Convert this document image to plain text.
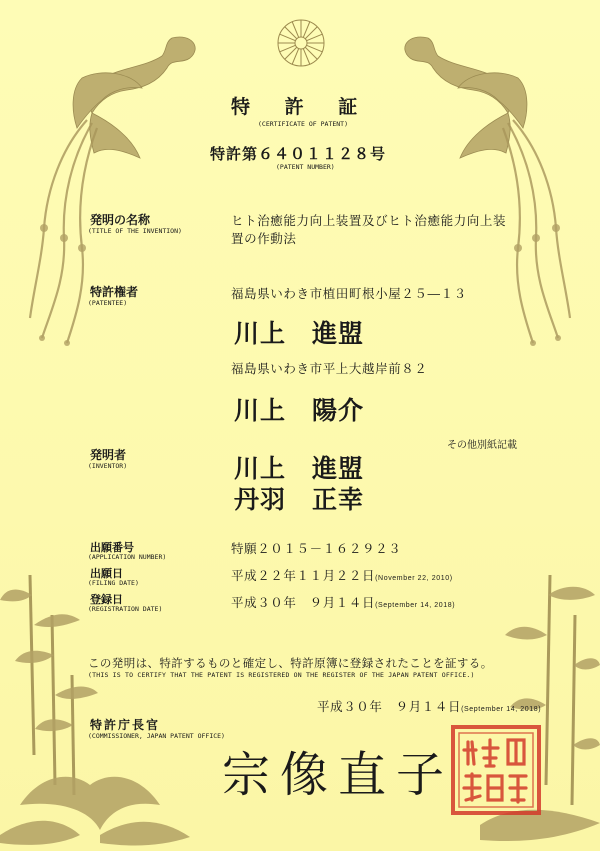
特 許 証
(CERTIFICATE OF PATENT)
特許第６４０１１２８号
(PATENT NUMBER)
発明の名称
(TITLE OF THE INVENTION)
ヒト治癒能力向上装置及びヒト治癒能力向上装
置の作動法
特許権者
(PATENTEE)
福島県いわき市植田町根小屋２５―１３
川上　進盟
福島県いわき市平上大越岸前８２
川上　陽介
その他別紙記載
発明者
(INVENTOR)	川上　進盟
丹羽　正幸
出願番号
(APPLICATION NUMBER)
特願２０１５－１６２９２３
出願日
(FILING DATE)	平成２２年１１月２２日(November 22, 2010)
登録日
(REGISTRATION DATE)	平成３０年　９月１４日(September 14, 2018)
この発明は、特許するものと確定し、特許原簿に登録されたことを証する。
(THIS IS TO CERTIFY THAT THE PATENT IS REGISTERED ON THE REGISTER OF THE JAPAN PATENT OFFICE.)
平成３０年　９月１４日(September 14, 2018)
特許庁長官
(COMMISSIONER, JAPAN PATENT OFFICE)
宗像直子
